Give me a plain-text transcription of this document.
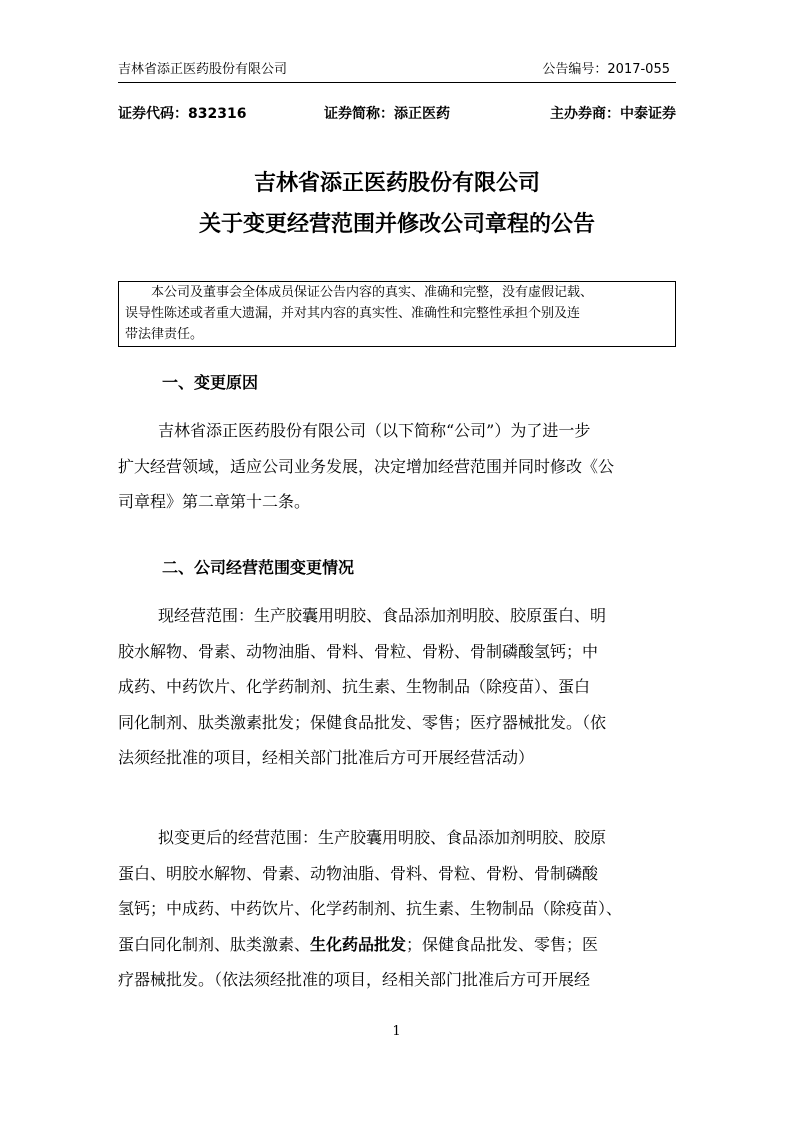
吉林省添正医药股份有限公司	公告编号：2017-055
证券代码：832316	证券简称：添正医药	主办券商：中泰证券
吉林省添正医药股份有限公司
关于变更经营范围并修改公司章程的公告
本公司及董事会全体成员保证公告内容的真实、准确和完整，没有虚假记载、
误导性陈述或者重大遗漏，并对其内容的真实性、准确性和完整性承担个别及连
带法律责任。
一、变更原因
吉林省添正医药股份有限公司（以下简称“公司”）为了进一步
扩大经营领域，适应公司业务发展，决定增加经营范围并同时修改《公
司章程》第二章第十二条。
二、公司经营范围变更情况
现经营范围：生产胶囊用明胶、食品添加剂明胶、胶原蛋白、明
胶水解物、骨素、动物油脂、骨料、骨粒、骨粉、骨制磷酸氢钙；中
成药、中药饮片、化学药制剂、抗生素、生物制品（除疫苗）、蛋白
同化制剂、肽类激素批发；保健食品批发、零售；医疗器械批发。（依
法须经批准的项目，经相关部门批准后方可开展经营活动）
拟变更后的经营范围：生产胶囊用明胶、食品添加剂明胶、胶原
蛋白、明胶水解物、骨素、动物油脂、骨料、骨粒、骨粉、骨制磷酸
氢钙；中成药、中药饮片、化学药制剂、抗生素、生物制品（除疫苗）、
蛋白同化制剂、肽类激素、生化药品批发；保健食品批发、零售；医
疗器械批发。（依法须经批准的项目，经相关部门批准后方可开展经
1
